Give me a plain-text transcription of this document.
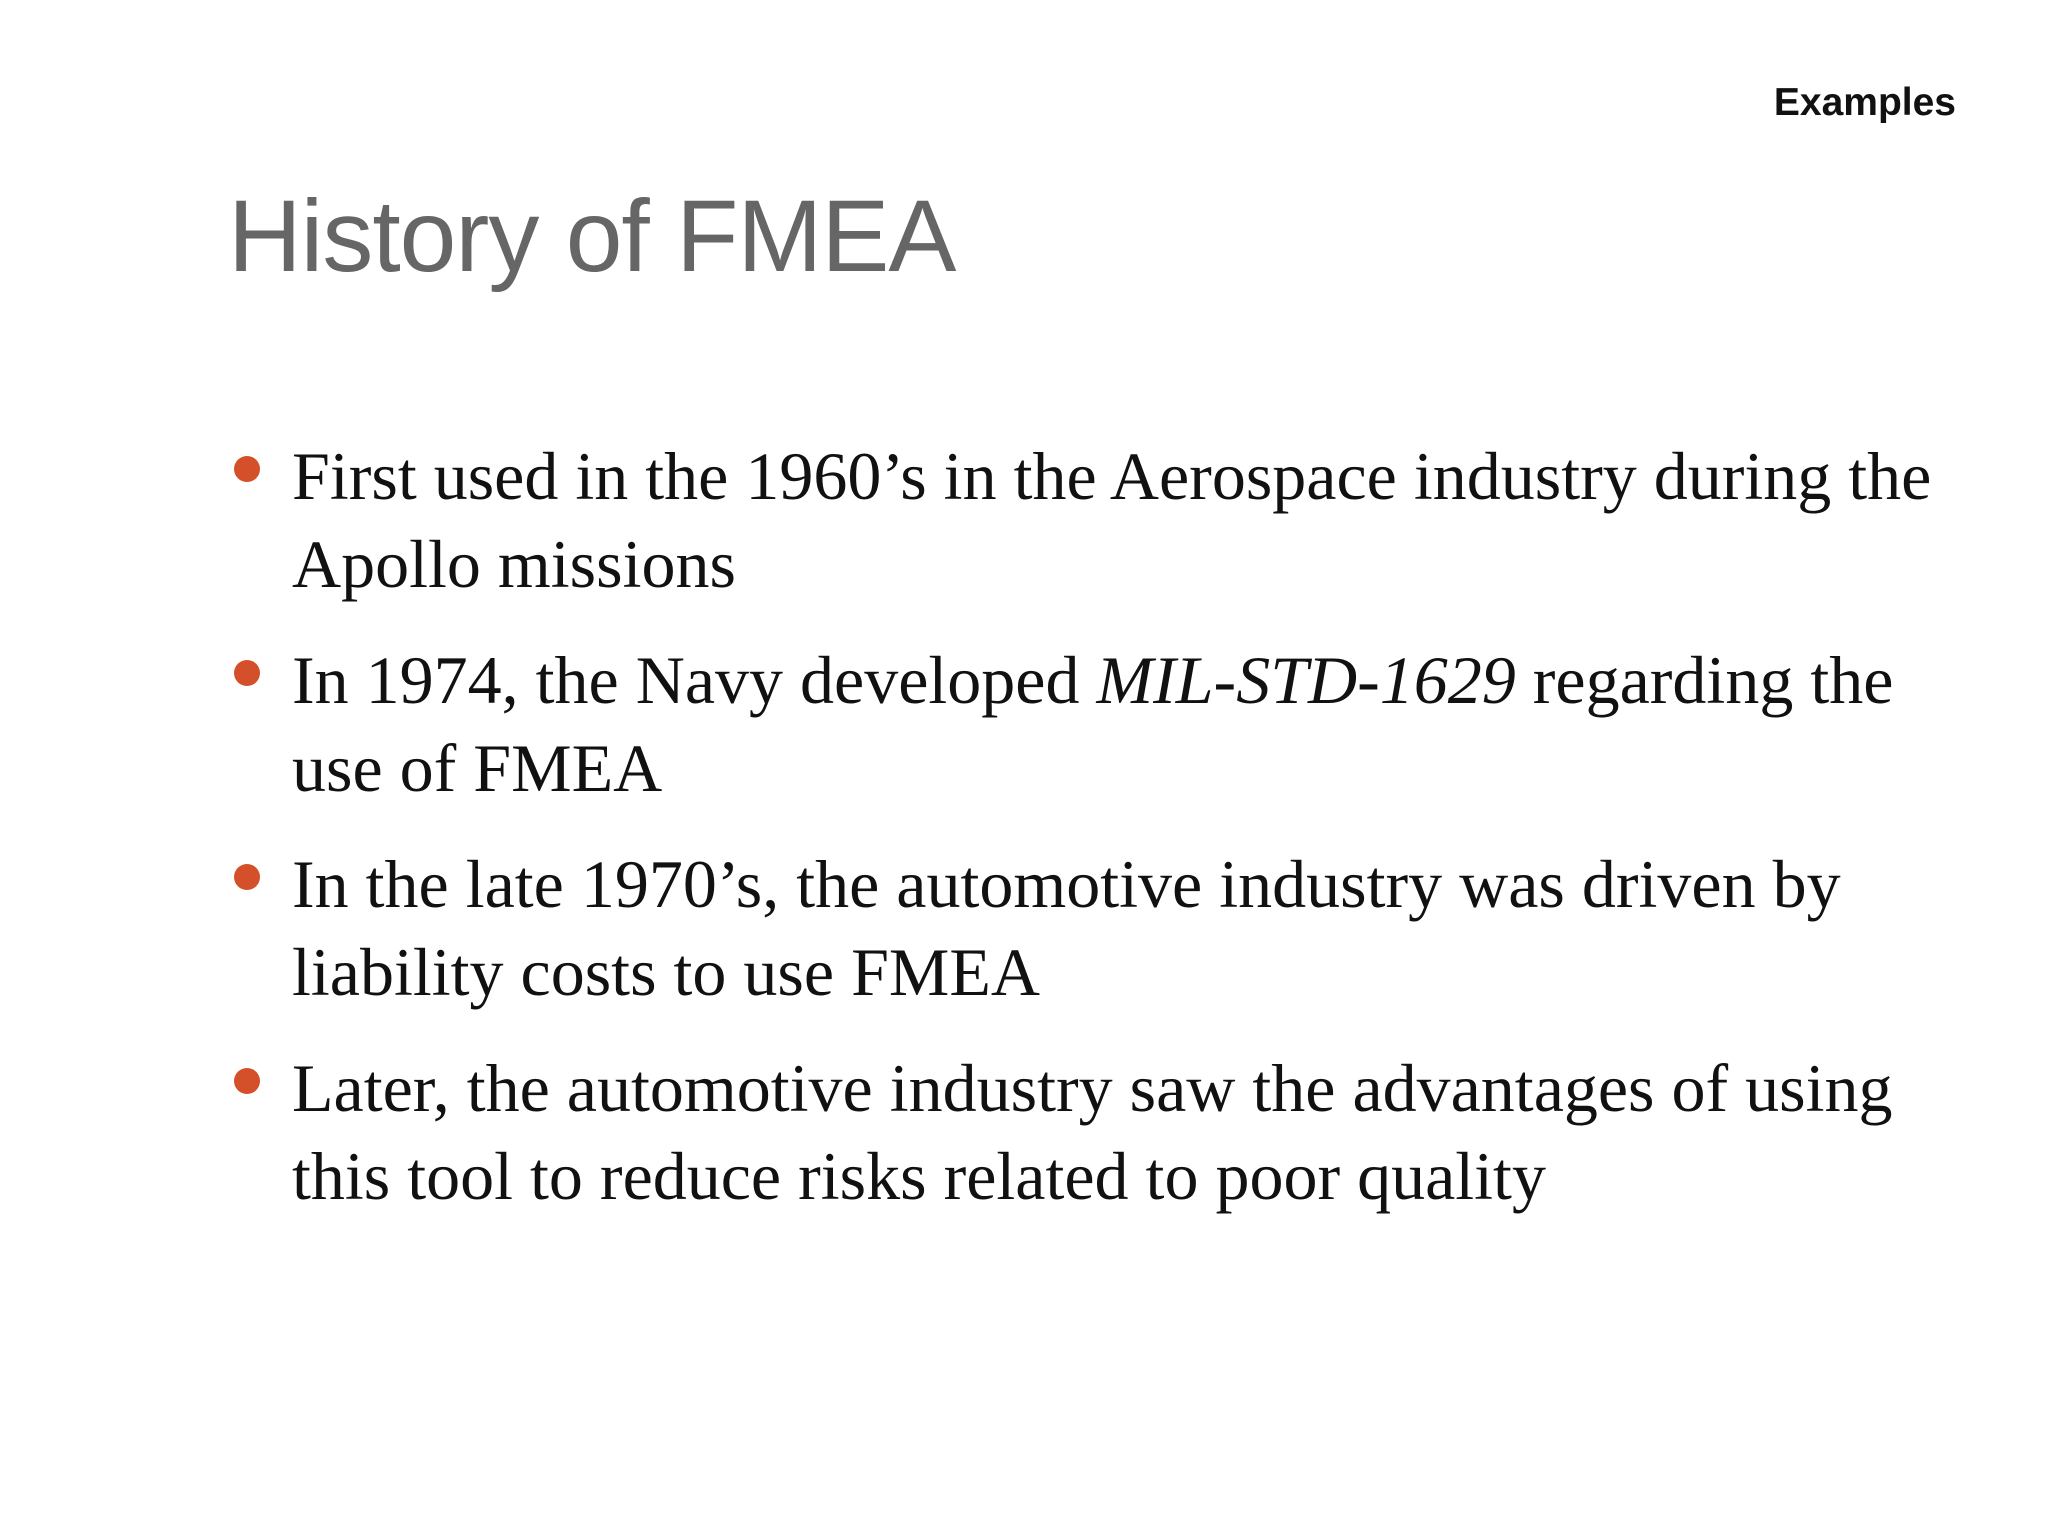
Examples
History of FMEA
First used in the 1960’s in the Aerospace industry during the Apollo missions
In 1974, the Navy developed MIL-STD-1629 regarding the use of FMEA
In the late 1970’s, the automotive industry was driven by liability costs to use FMEA
Later, the automotive industry saw the advantages of using this tool to reduce risks related to poor quality
